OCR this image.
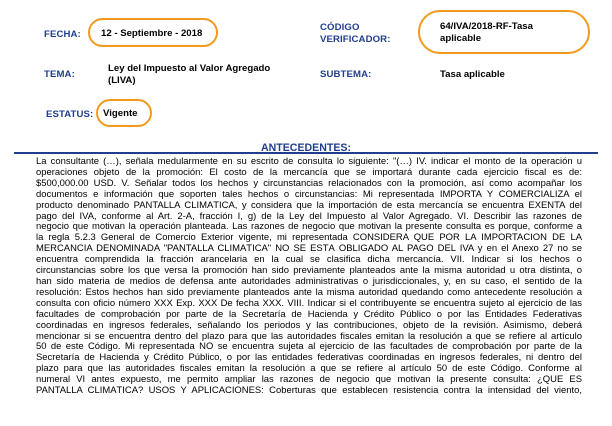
FECHA: 12 - Septiembre - 2018
CÓDIGO
VERIFICADOR:
64/IVA/2018-RF-Tasa
aplicable
TEMA:
Ley del Impuesto al Valor Agregado
(LIVA)
SUBTEMA:	Tasa aplicable
ESTATUS: Vigente
ANTECEDENTES:
La consultante (…), señala medularmente en su escrito de consulta lo siguiente: "(…) IV. indicar el monto de la operación u
operaciones objeto de la promoción: El costo de la mercancía que se importará durante cada ejercicio fiscal es de:
$500,000.00 USD. V. Señalar todos los hechos y circunstancias relacionados con la promoción, así como acompañar los
documentos e información que soporten tales hechos o circunstancias: Mi representada IMPORTA Y COMERCIALIZA el
producto denominado PANTALLA CLIMÁTICA, y considera que la importación de esta mercancía se encuentra EXENTA del
pago del IVA, conforme al Art. 2-A, fracción I, g) de la Ley del Impuesto al Valor Agregado. VI. Describir las razones de
negocio que motivan la operación planteada. Las razones de negocio que motivan la presente consulta es porque, conforme a
la regla 5.2.3 General de Comercio Exterior vigente, mi representada CONSIDERA QUE POR LA IMPORTACIÓN DE LA
MERCANCÍA DENOMINADA "PANTALLA CLIMÁTICA" NO SE ESTÁ OBLIGADO AL PAGO DEL IVA y en el Anexo 27 no se
encuentra comprendida la fracción arancelaria en la cual se clasifica dicha mercancía. VII. Indicar si los hechos o
circunstancias sobre los que versa la promoción han sido previamente planteados ante la misma autoridad u otra distinta, o
han sido materia de medios de defensa ante autoridades administrativas o jurisdiccionales, y, en su caso, el sentido de la
resolución: Estos hechos han sido previamente planteados ante la misma autoridad quedando como antecedente resolución a
consulta con oficio número XXX Exp. XXX De fecha XXX. VIII. Indicar si el contribuyente se encuentra sujeto al ejercicio de las
facultades de comprobación por parte de la Secretaría de Hacienda y Crédito Público o por las Entidades Federativas
coordinadas en ingresos federales, señalando los periodos y las contribuciones, objeto de la revisión. Asimismo, deberá
mencionar si se encuentra dentro del plazo para que las autoridades fiscales emitan la resolución a que se refiere al artículo
50 de este Código. Mi representada NO se encuentra sujeta al ejercicio de las facultades de comprobación por parte de la
Secretaría de Hacienda y Crédito Público, o por las entidades federativas coordinadas en ingresos federales, ni dentro del
plazo para que las autoridades fiscales emitan la resolución a que se refiere al artículo 50 de este Código. Conforme al
numeral VI antes expuesto, me permito ampliar las razones de negocio que motivan la presente consulta: ¿QUÉ ES
PANTALLA CLIMÁTICA? USOS Y APLICACIONES: Coberturas que establecen resistencia contra la intensidad del viento,
